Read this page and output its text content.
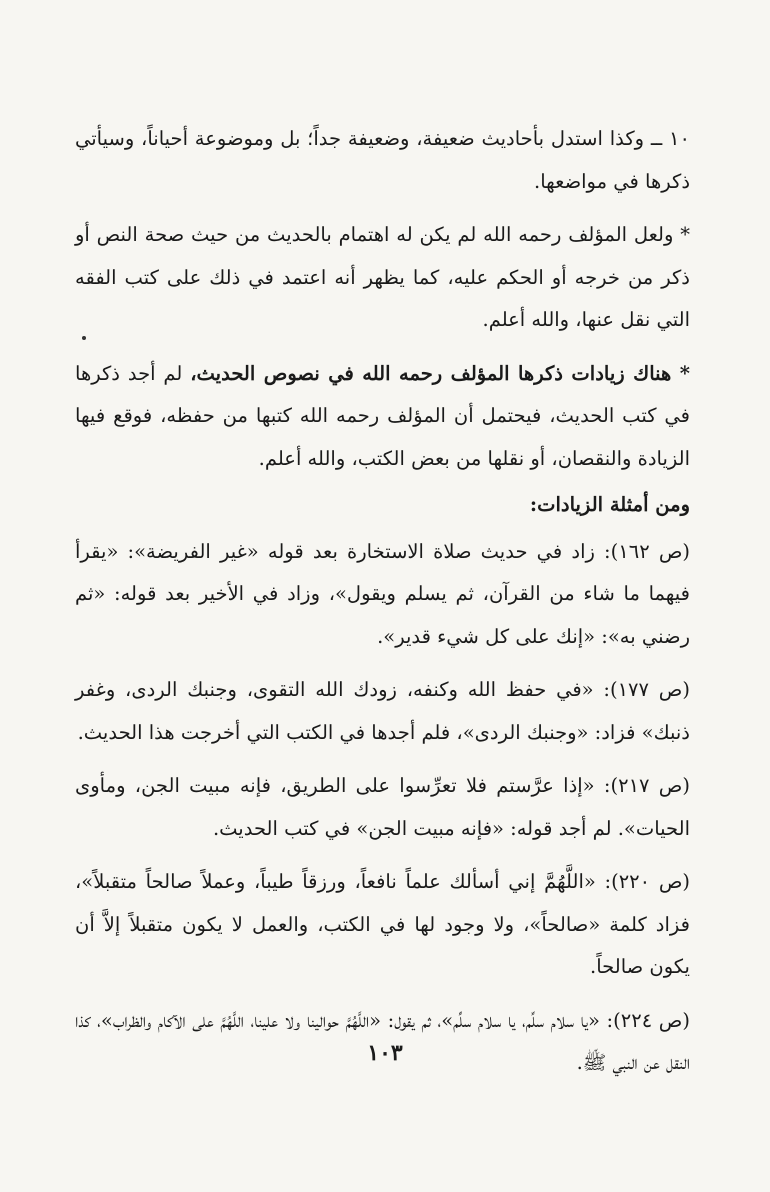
١٠ ــ وكذا استدل بأحاديث ضعيفة، وضعيفة جداً؛ بل وموضوعة أحياناً، وسيأتي ذكرها في مواضعها.

* ولعل المؤلف رحمه الله لم يكن له اهتمام بالحديث من حيث صحة النص أو ذكر من خرجه أو الحكم عليه، كما يظهر أنه اعتمد في ذلك على كتب الفقه التي نقل عنها، والله أعلم.

* هناك زيادات ذكرها المؤلف رحمه الله في نصوص الحديث، لم أجد ذكرها في كتب الحديث، فيحتمل أن المؤلف رحمه الله كتبها من حفظه، فوقع فيها الزيادة والنقصان، أو نقلها من بعض الكتب، والله أعلم.

ومن أمثلة الزيادات:

(ص ١٦٢): زاد في حديث صلاة الاستخارة بعد قوله «غير الفريضة»: «يقرأ فيهما ما شاء من القرآن، ثم يسلم ويقول»، وزاد في الأخير بعد قوله: «ثم رضني به»: «إنك على كل شيء قدير».

(ص ١٧٧): «في حفظ الله وكنفه، زودك الله التقوى، وجنبك الردى، وغفر ذنبك» فزاد: «وجنبك الردى»، فلم أجدها في الكتب التي أخرجت هذا الحديث.

(ص ٢١٧): «إذا عرَّستم فلا تعرِّسوا على الطريق، فإنه مبيت الجن، ومأوى الحيات». لم أجد قوله: «فإنه مبيت الجن» في كتب الحديث.

(ص ٢٢٠): «اللَّهُمَّ إني أسألك علماً نافعاً، ورزقاً طيباً، وعملاً صالحاً متقبلاً»، فزاد كلمة «صالحاً»، ولا وجود لها في الكتب، والعمل لا يكون متقبلاً إلاَّ أن يكون صالحاً.

(ص ٢٢٤): «يا سلام سلِّم، يا سلام سلِّم»، ثم يقول: «اللَّهُمَّ حوالينا ولا علينا، اللَّهُمَّ على الآكام والظراب»، كذا النقل عن النبي ﷺ.

١٠٣
